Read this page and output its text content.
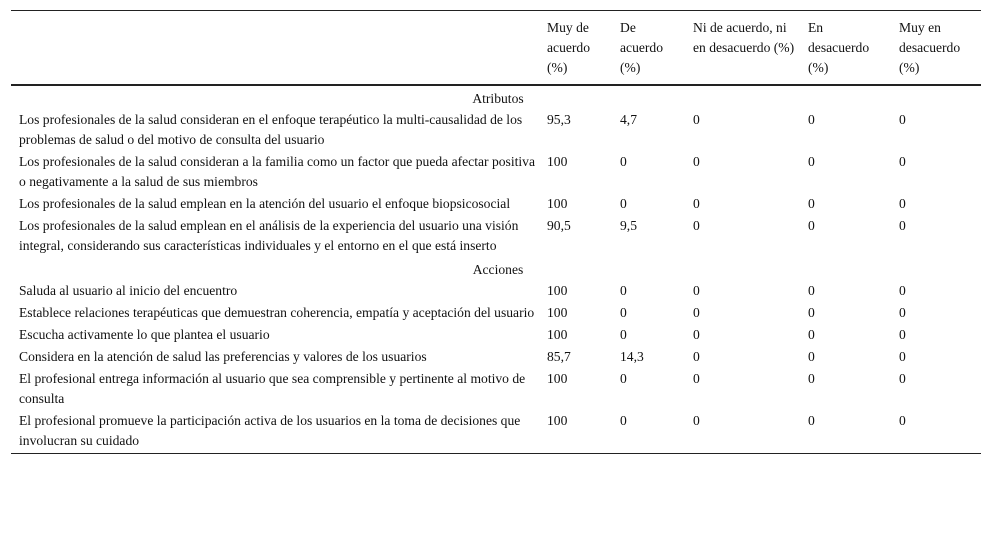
	Muy de acuerdo (%)	De acuerdo (%)	Ni de acuerdo, ni en desacuerdo (%)	En desacuerdo (%)	Muy en desacuerdo (%)
Atributos					
Los profesionales de la salud consideran en el enfoque terapéutico la multi-causalidad de los problemas de salud o del motivo de consulta del usuario	95,3	4,7	0	0	0
Los profesionales de la salud consideran a la familia como un factor que pueda afectar positiva o negativamente a la salud de sus miembros	100	0	0	0	0
Los profesionales de la salud emplean en la atención del usuario el enfoque biopsicosocial	100	0	0	0	0
Los profesionales de la salud emplean en el análisis de la experiencia del usuario una visión integral, considerando sus características individuales y el entorno en el que está inserto	90,5	9,5	0	0	0
Acciones					
Saluda al usuario al inicio del encuentro	100	0	0	0	0
Establece relaciones terapéuticas que demuestran coherencia, empatía y aceptación del usuario	100	0	0	0	0
Escucha activamente lo que plantea el usuario	100	0	0	0	0
Considera en la atención de salud las preferencias y valores de los usuarios	85,7	14,3	0	0	0
El profesional entrega información al usuario que sea comprensible y pertinente al motivo de consulta	100	0	0	0	0
El profesional promueve la participación activa de los usuarios en la toma de decisiones que involucran su cuidado	100	0	0	0	0
